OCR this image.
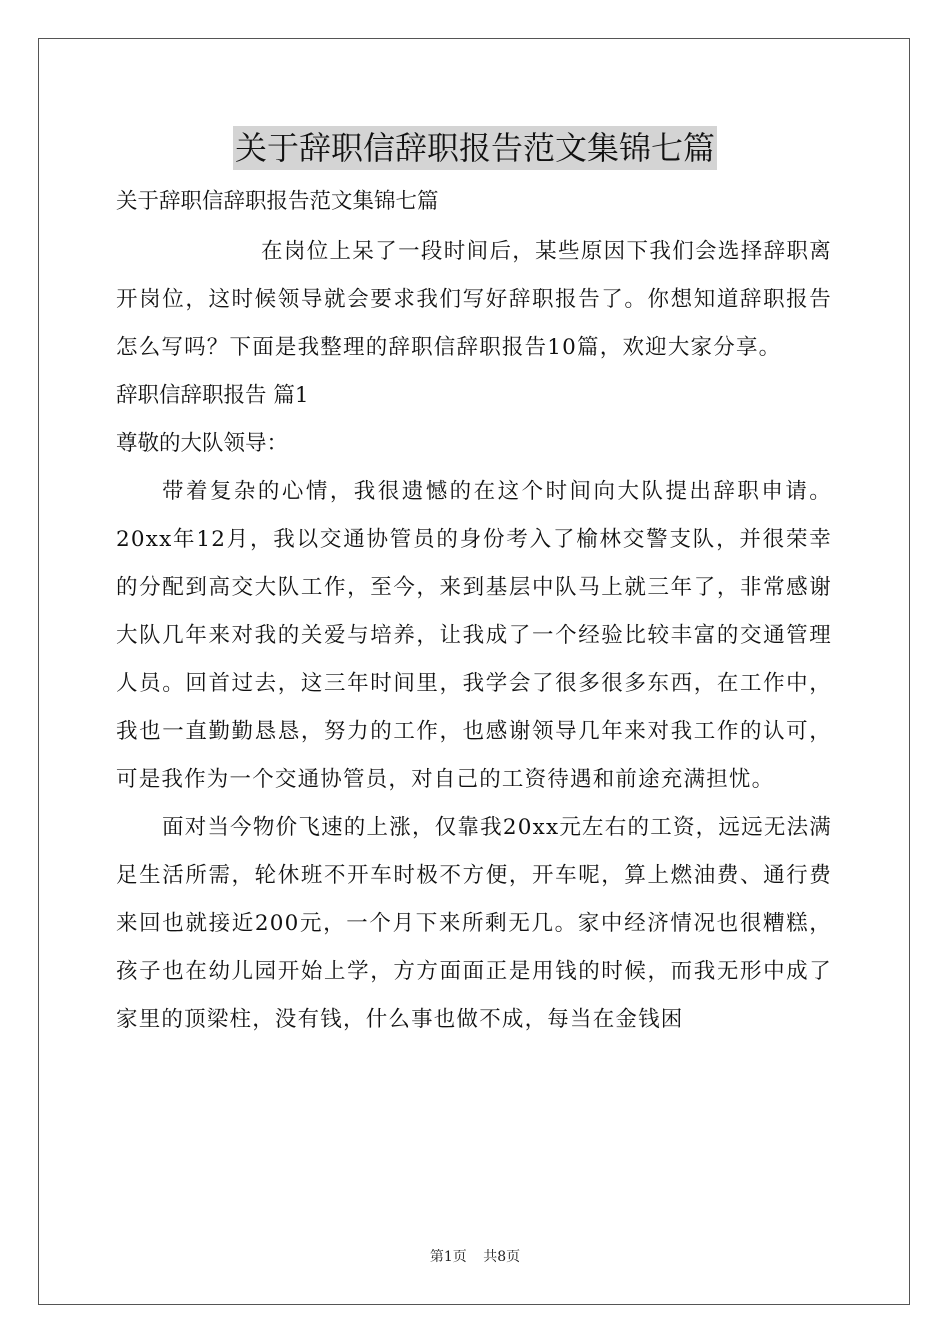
关于辞职信辞职报告范文集锦七篇
关于辞职信辞职报告范文集锦七篇

在岗位上呆了一段时间后，某些原因下我们会选择辞职离开岗位，这时候领导就会要求我们写好辞职报告了。你想知道辞职报告怎么写吗？下面是我整理的辞职信辞职报告10篇，欢迎大家分享。

辞职信辞职报告 篇1
尊敬的大队领导：

带着复杂的心情，我很遗憾的在这个时间向大队提出辞职申请。20xx年12月，我以交通协管员的身份考入了榆林交警支队，并很荣幸的分配到高交大队工作，至今，来到基层中队马上就三年了，非常感谢大队几年来对我的关爱与培养，让我成了一个经验比较丰富的交通管理人员。回首过去，这三年时间里，我学会了很多很多东西，在工作中，我也一直勤勤恳恳，努力的工作，也感谢领导几年来对我工作的认可，可是我作为一个交通协管员，对自己的工资待遇和前途充满担忧。

面对当今物价飞速的上涨，仅靠我20xx元左右的工资，远远无法满足生活所需，轮休班不开车时极不方便，开车呢，算上燃油费、通行费来回也就接近200元，一个月下来所剩无几。家中经济情况也很糟糕，孩子也在幼儿园开始上学，方方面面正是用钱的时候，而我无形中成了家里的顶梁柱，没有钱，什么事也做不成，每当在金钱困

第1页 共8页
